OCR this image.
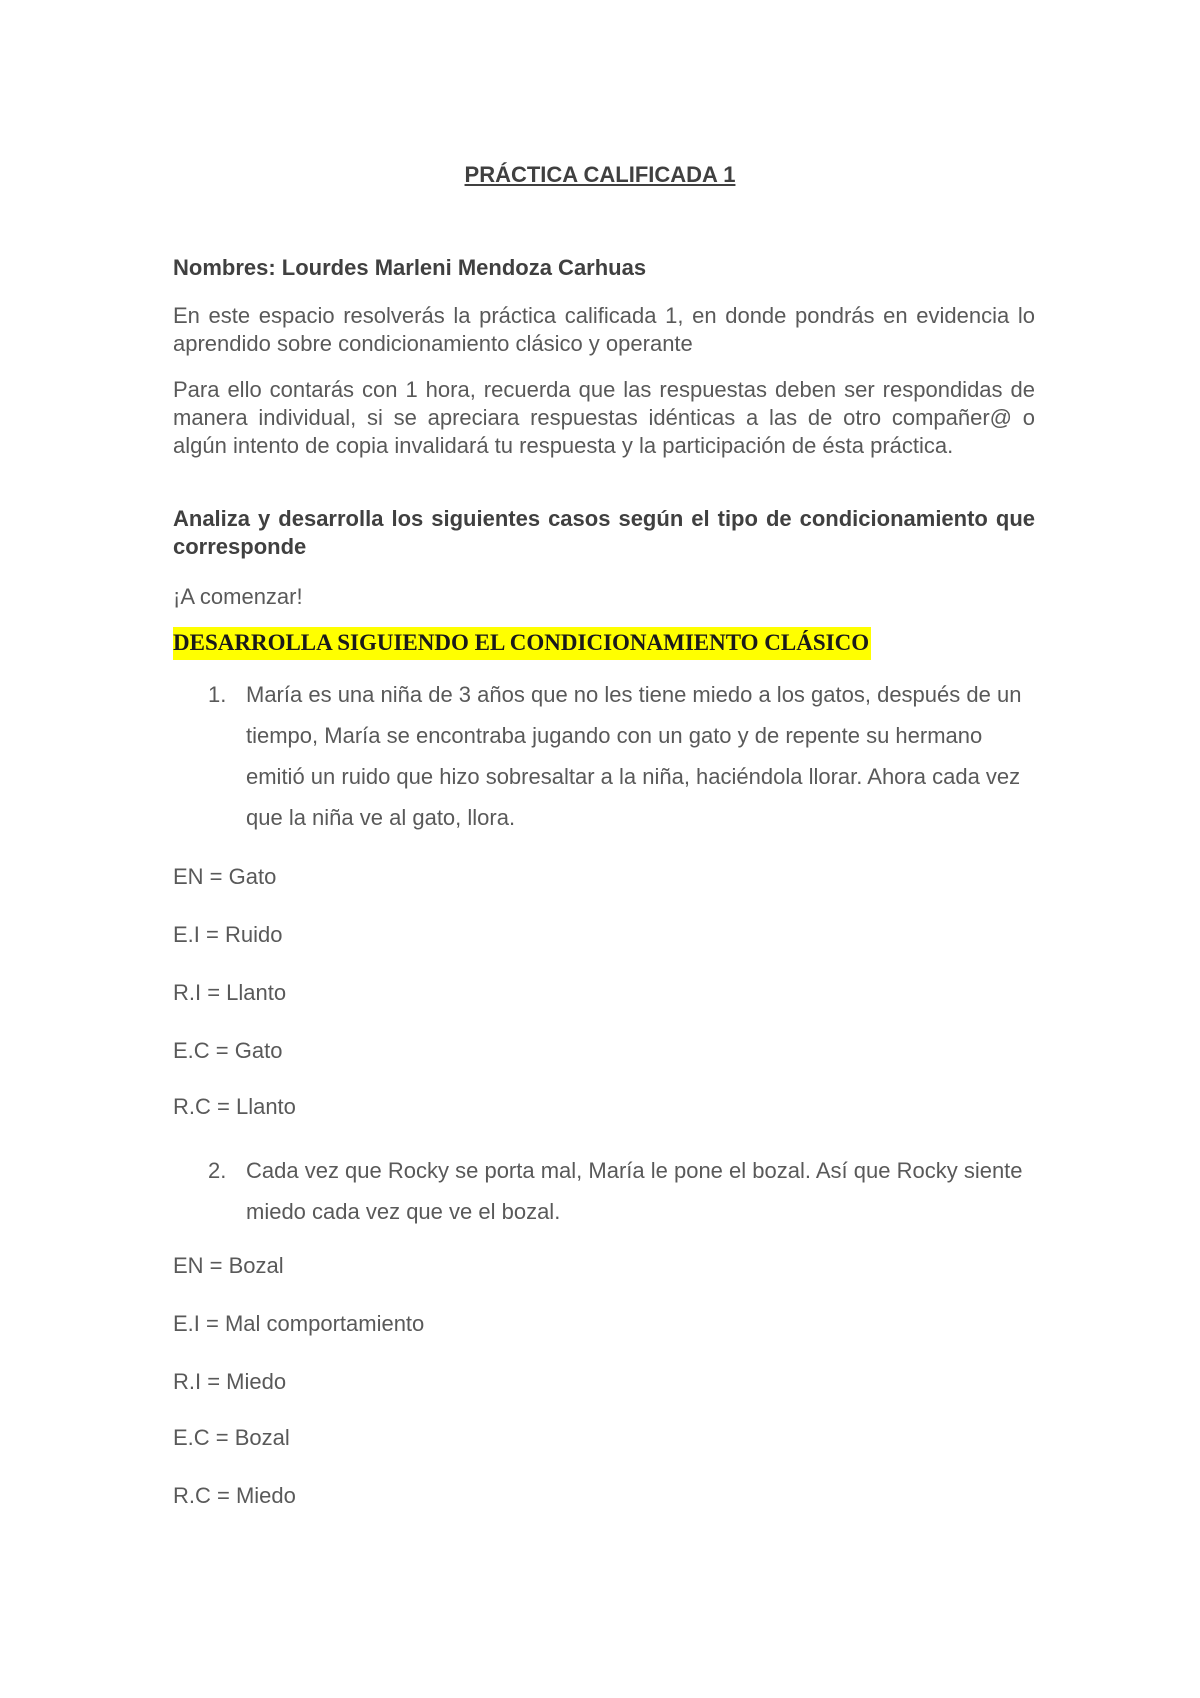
PRÁCTICA CALIFICADA 1
Nombres: Lourdes Marleni Mendoza Carhuas
En este espacio resolverás la práctica calificada 1, en donde pondrás en evidencia lo aprendido sobre condicionamiento clásico y operante
Para ello contarás con 1 hora, recuerda que las respuestas deben ser respondidas de manera individual, si se apreciara respuestas idénticas a las de otro compañer@ o algún intento de copia invalidará tu respuesta y la participación de ésta práctica.
Analiza y desarrolla los siguientes casos según el tipo de condicionamiento que corresponde
¡A comenzar!
DESARROLLA SIGUIENDO EL CONDICIONAMIENTO CLÁSICO
1. María es una niña de 3 años que no les tiene miedo a los gatos, después de un tiempo, María se encontraba jugando con un gato y de repente su hermano emitió un ruido que hizo sobresaltar a la niña, haciéndola llorar. Ahora cada vez que la niña ve al gato, llora.
EN = Gato
E.I = Ruido
R.I = Llanto
E.C = Gato
R.C = Llanto
2. Cada vez que Rocky se porta mal, María le pone el bozal. Así que Rocky siente miedo cada vez que ve el bozal.
EN = Bozal
E.I = Mal comportamiento
R.I = Miedo
E.C = Bozal
R.C = Miedo
